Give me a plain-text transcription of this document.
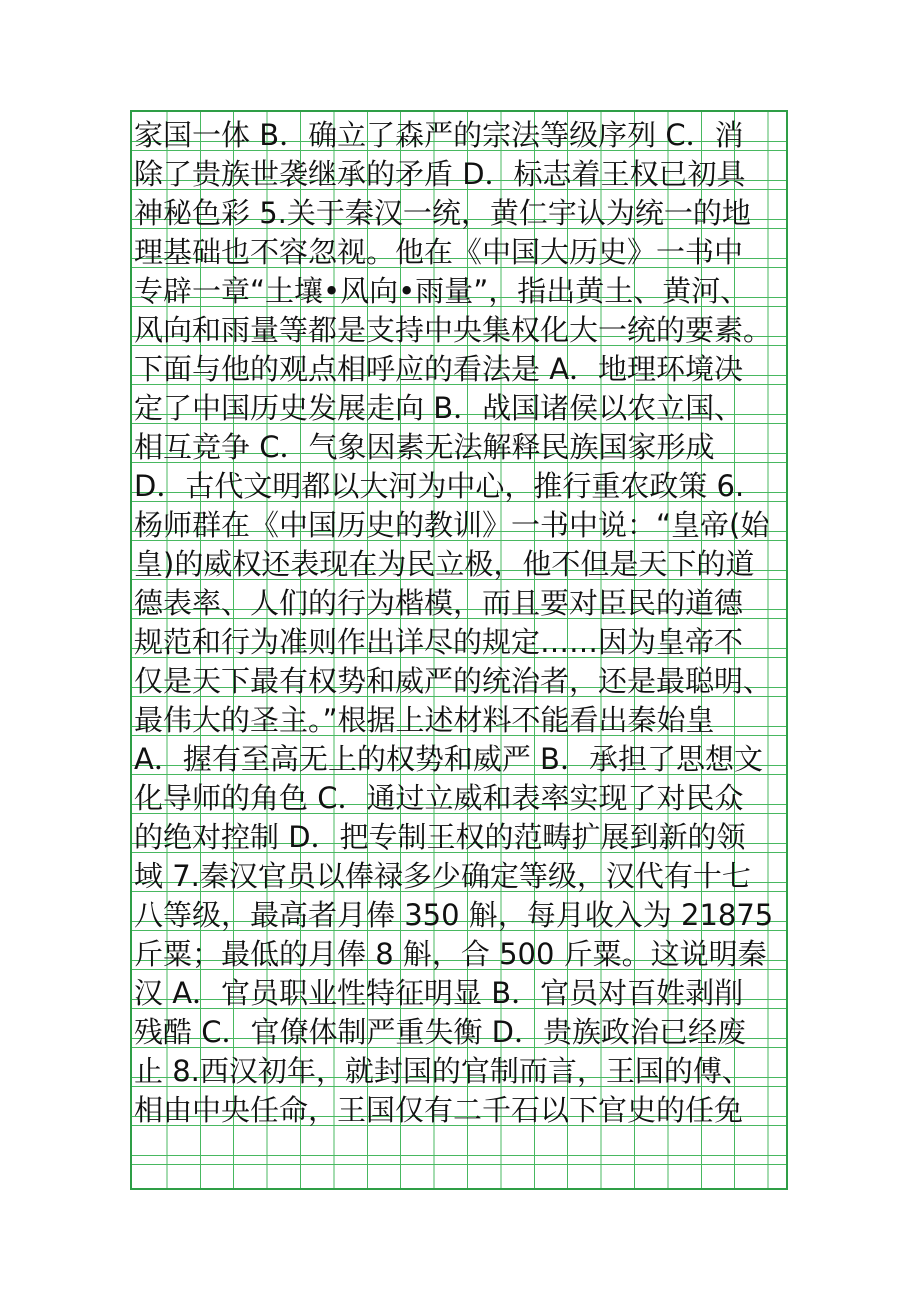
家国一体 B．确立了森严的宗法等级序列 C．消
除了贵族世袭继承的矛盾 D．标志着王权已初具
神秘色彩 5.关于秦汉一统，黄仁宇认为统一的地
理基础也不容忽视。他在《中国大历史》一书中
专辟一章“土壤•风向•雨量”，指出黄土、黄河、
风向和雨量等都是支持中央集权化大一统的要素。
下面与他的观点相呼应的看法是 A．地理环境决
定了中国历史发展走向 B．战国诸侯以农立国、
相互竞争 C．气象因素无法解释民族国家形成
D．古代文明都以大河为中心，推行重农政策 6.
杨师群在《中国历史的教训》一书中说：“皇帝(始
皇)的威权还表现在为民立极，他不但是天下的道
德表率、人们的行为楷模，而且要对臣民的道德
规范和行为准则作出详尽的规定……因为皇帝不
仅是天下最有权势和威严的统治者，还是最聪明、
最伟大的圣主。”根据上述材料不能看出秦始皇
A．握有至高无上的权势和威严 B．承担了思想文
化导师的角色 C．通过立威和表率实现了对民众
的绝对控制 D．把专制王权的范畴扩展到新的领
域 7.秦汉官员以俸禄多少确定等级，汉代有十七
八等级，最高者月俸 350 斛，每月收入为 21875
斤粟；最低的月俸 8 斛，合 500 斤粟。这说明秦
汉 A．官员职业性特征明显 B．官员对百姓剥削
残酷 C．官僚体制严重失衡 D．贵族政治已经废
止 8.西汉初年，就封国的官制而言，王国的傅、
相由中央任命，王国仅有二千石以下官史的任免
